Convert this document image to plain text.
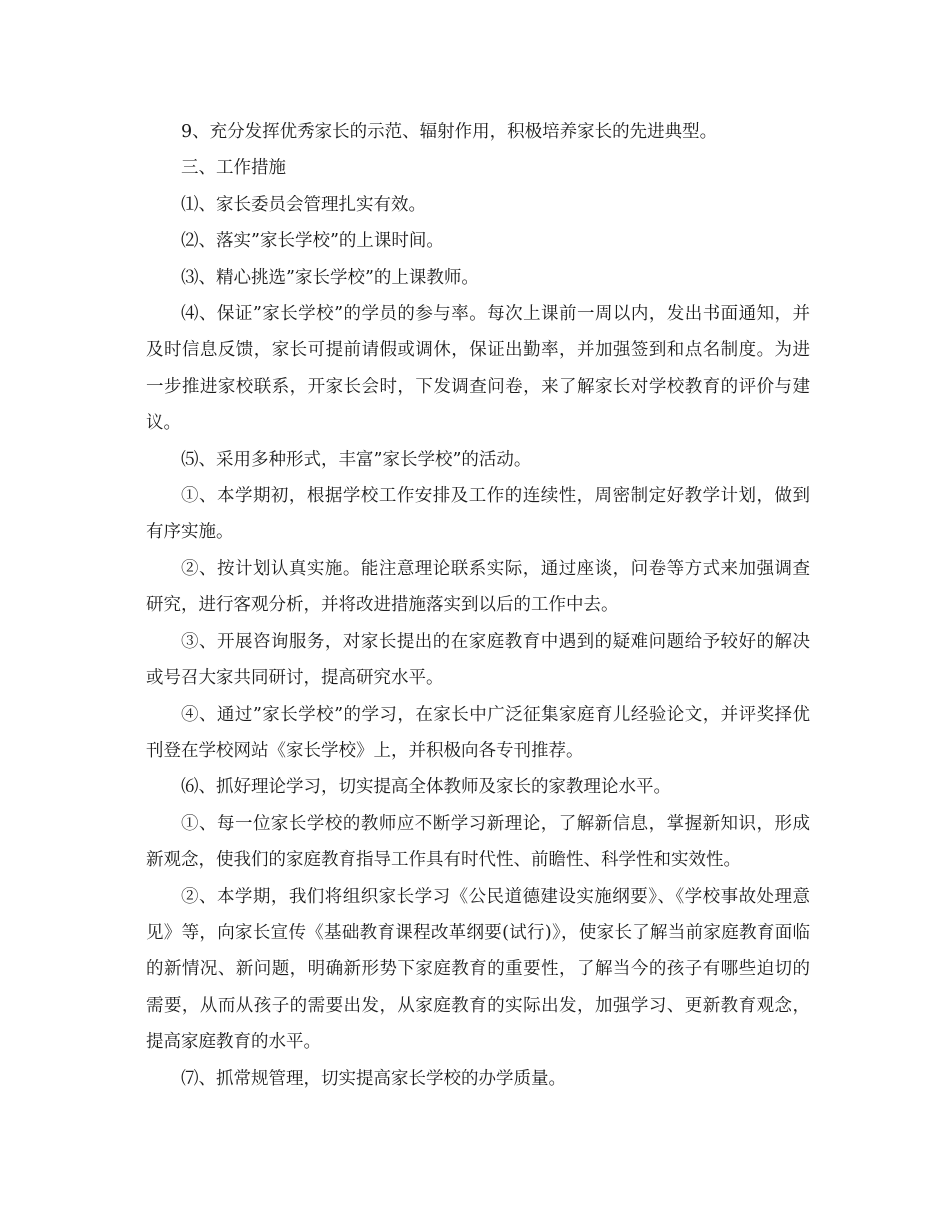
9、充分发挥优秀家长的示范、辐射作用，积极培养家长的先进典型。

三、工作措施

⑴、家长委员会管理扎实有效。

⑵、落实”家长学校”的上课时间。

⑶、精心挑选”家长学校”的上课教师。

⑷、保证”家长学校”的学员的参与率。每次上课前一周以内，发出书面通知，并及时信息反馈，家长可提前请假或调休，保证出勤率，并加强签到和点名制度。为进一步推进家校联系，开家长会时，下发调查问卷，来了解家长对学校教育的评价与建议。

⑸、采用多种形式，丰富”家长学校”的活动。

①、本学期初，根据学校工作安排及工作的连续性，周密制定好教学计划，做到有序实施。

②、按计划认真实施。能注意理论联系实际，通过座谈，问卷等方式来加强调查研究，进行客观分析，并将改进措施落实到以后的工作中去。

③、开展咨询服务，对家长提出的在家庭教育中遇到的疑难问题给予较好的解决或号召大家共同研讨，提高研究水平。

④、通过”家长学校”的学习，在家长中广泛征集家庭育儿经验论文，并评奖择优刊登在学校网站《家长学校》上，并积极向各专刊推荐。

⑹、抓好理论学习，切实提高全体教师及家长的家教理论水平。

①、每一位家长学校的教师应不断学习新理论，了解新信息，掌握新知识，形成新观念，使我们的家庭教育指导工作具有时代性、前瞻性、科学性和实效性。

②、本学期，我们将组织家长学习《公民道德建设实施纲要》、《学校事故处理意见》等，向家长宣传《基础教育课程改革纲要(试行)》，使家长了解当前家庭教育面临的新情况、新问题，明确新形势下家庭教育的重要性，了解当今的孩子有哪些迫切的需要，从而从孩子的需要出发，从家庭教育的实际出发，加强学习、更新教育观念，提高家庭教育的水平。

⑺、抓常规管理，切实提高家长学校的办学质量。
